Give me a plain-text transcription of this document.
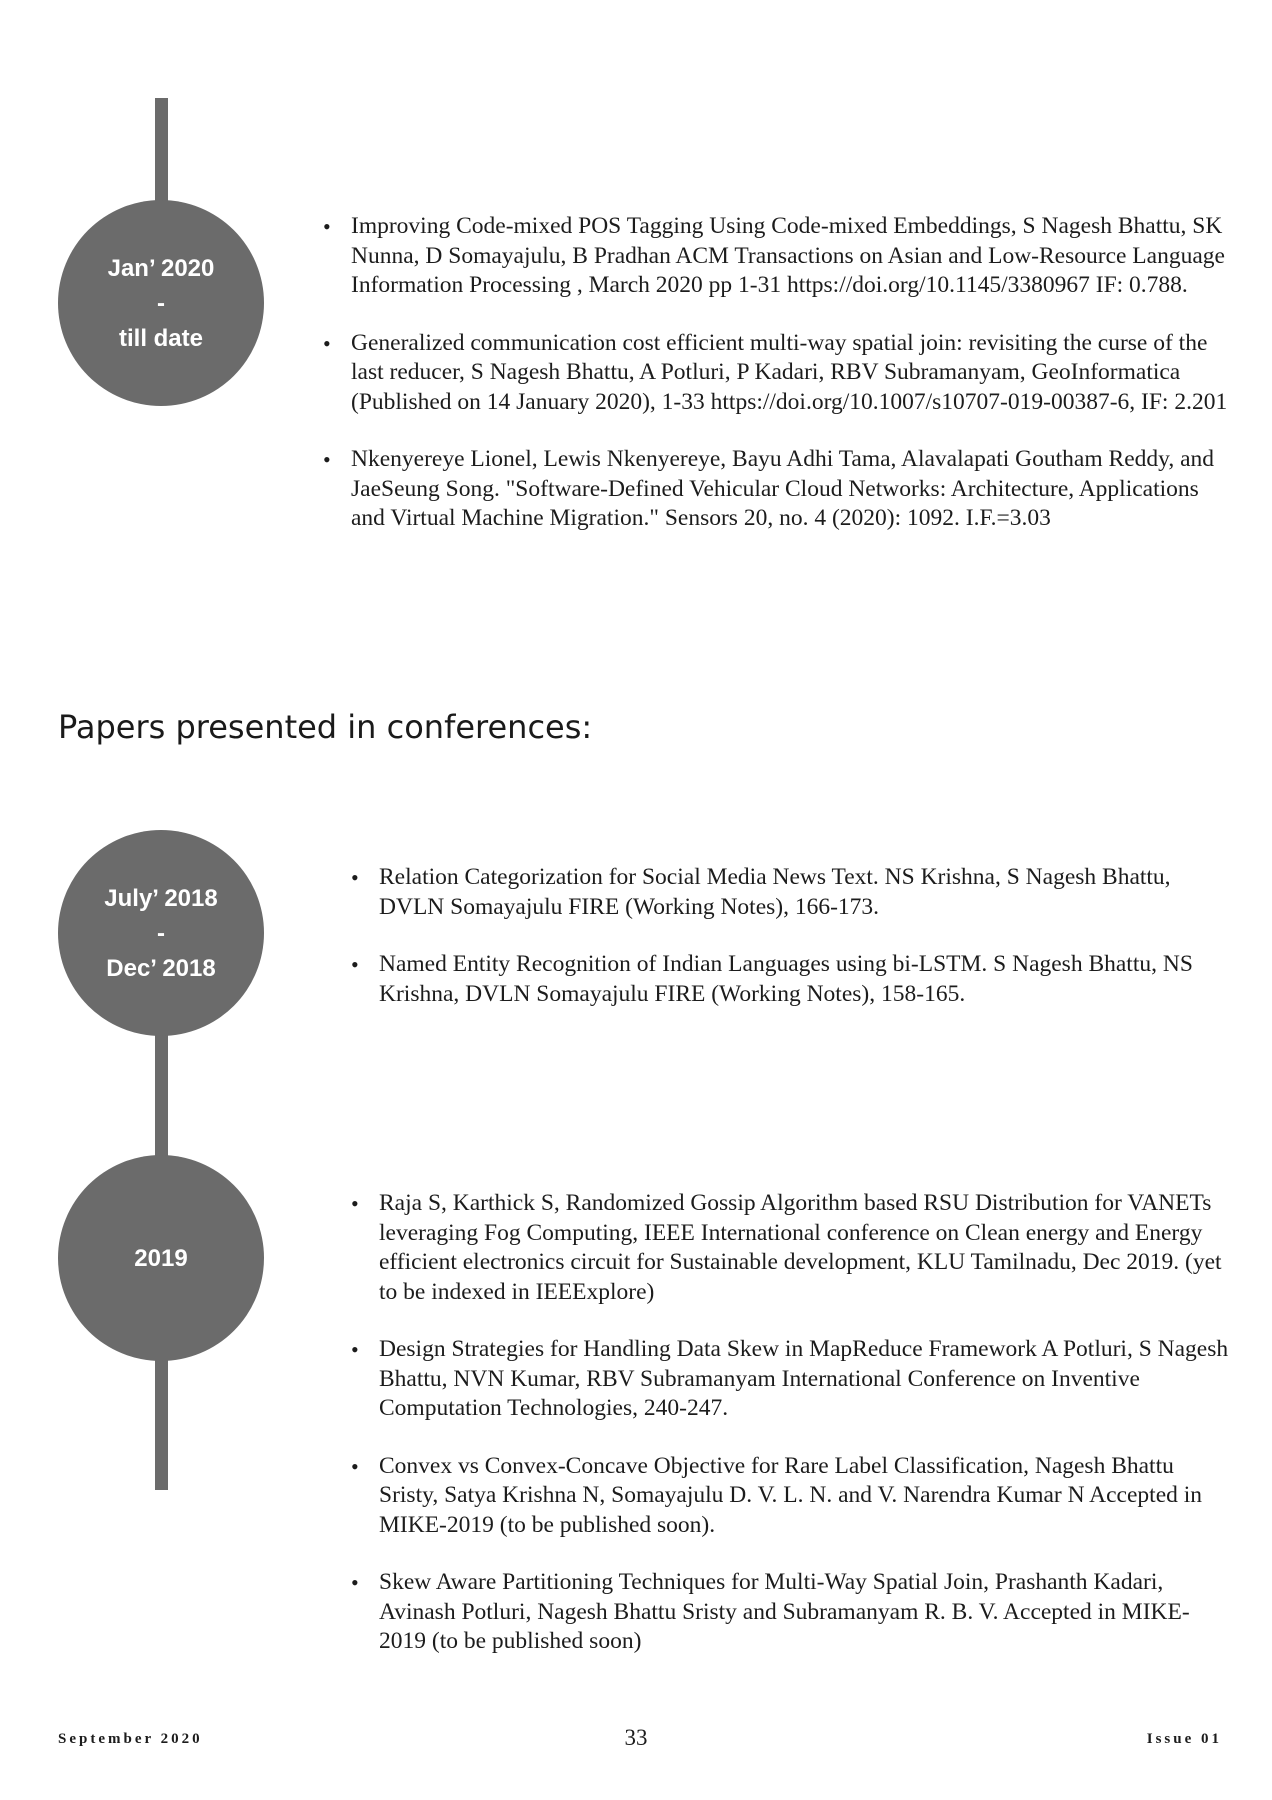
Jan’ 2020
-
till date
• Improving Code-mixed POS Tagging Using Code-mixed Embeddings, S Nagesh Bhattu, SK Nunna, D Somayajulu, B Pradhan ACM Transactions on Asian and Low-Resource Language Information Processing , March 2020 pp 1-31 https://doi.org/10.1145/3380967 IF: 0.788.
• Generalized communication cost efficient multi-way spatial join: revisiting the curse of the last reducer, S Nagesh Bhattu, A Potluri, P Kadari, RBV Subramanyam, GeoInformatica (Published on 14 January 2020), 1-33 https://doi.org/10.1007/s10707-019-00387-6, IF: 2.201
• Nkenyereye Lionel, Lewis Nkenyereye, Bayu Adhi Tama, Alavalapati Goutham Reddy, and JaeSeung Song. "Software-Defined Vehicular Cloud Networks: Architecture, Applications and Virtual Machine Migration." Sensors 20, no. 4 (2020): 1092. I.F.=3.03
Papers presented in conferences:
July’ 2018
-
Dec’ 2018
• Relation Categorization for Social Media News Text. NS Krishna, S Nagesh Bhattu, DVLN Somayajulu FIRE (Working Notes), 166-173.
• Named Entity Recognition of Indian Languages using bi-LSTM. S Nagesh Bhattu, NS Krishna, DVLN Somayajulu FIRE (Working Notes), 158-165.
2019
• Raja S, Karthick S, Randomized Gossip Algorithm based RSU Distribution for VANETs leveraging Fog Computing, IEEE International conference on Clean energy and Energy efficient electronics circuit for Sustainable development, KLU Tamilnadu, Dec 2019. (yet to be indexed in IEEExplore)
• Design Strategies for Handling Data Skew in MapReduce Framework A Potluri, S Nagesh Bhattu, NVN Kumar, RBV Subramanyam International Conference on Inventive Computation Technologies, 240-247.
• Convex vs Convex-Concave Objective for Rare Label Classification, Nagesh Bhattu Sristy, Satya Krishna N, Somayajulu D. V. L. N. and V. Narendra Kumar N Accepted in MIKE-2019 (to be published soon).
• Skew Aware Partitioning Techniques for Multi-Way Spatial Join, Prashanth Kadari, Avinash Potluri, Nagesh Bhattu Sristy and Subramanyam R. B. V. Accepted in MIKE-2019 (to be published soon)
September 2020	33	Issue 01
